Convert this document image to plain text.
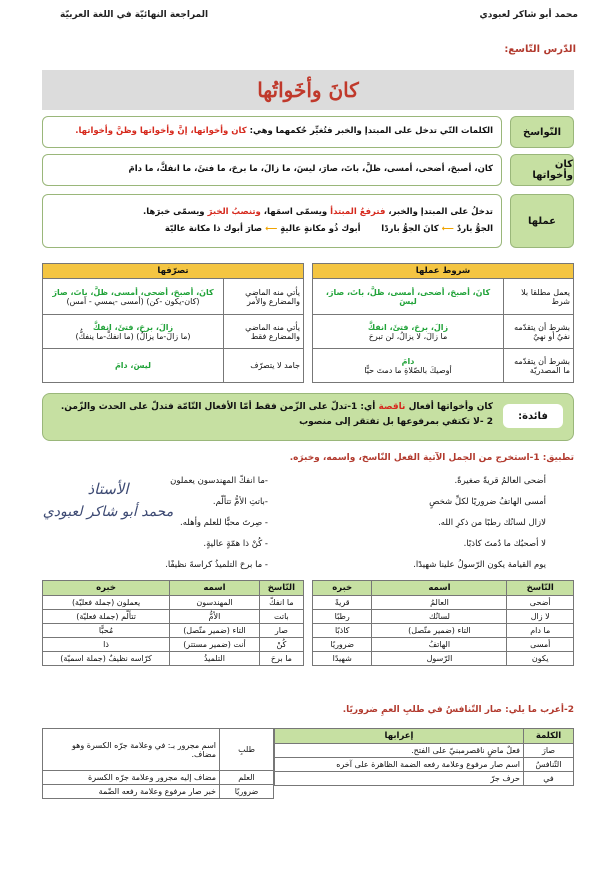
محمد أبو شاكر لعبودي
المراجعة النهائيّة في اللغة العربيّة
الدّرس التّاسع:
كانَ وأخَواتُها
النّواسخ
الكلمات التّي تدخل على المبتدإ والخبر فتُغيِّر حُكمهما وهي: كان وأخواتها، إنَّ وأخواتها وظنَّ وأخواتها.
كان وأخواتها
كان، أصبحَ، أضحى، أمسى، ظلَّ، باتَ، صارَ، ليسَ، ما زالَ، ما برحَ، ما فتئَ، ما انفكَّ، ما دامَ
عملها
تدخلُ على المبتدإ والخبر، فترفعُ المبتدأ ويسمّى اسمَها، وتنصبُ الخبرَ ويسمّى خبرَها.
الجوُّ باردٌ ⟵ كانَ الجوُّ باردًا       أبوك ذُو مكانةٍ عاليةٍ ⟵ صارَ أبوك ذا مكانة عاليّة
شروط عملها	
يعمل مطلقا بلا شرط	كانَ، أصبحَ، أضحى، أمسى، ظلَّ، باتَ، صارَ، ليسَ
بشرط أن يتقدّمه نفيٌ أو نهيٌ	زالَ، برحَ، فتئَ، انفكَّ
ما زالَ، لا يزالُ، لن تبرحَ

بشرط أن يتقدّمه ما المصدريّة	دامَ
أوصيكَ بالصّلاةِ ما دمتَ حيًّا
تصرّفها	
يأتي منه الماضي والمضارع والأمر	كانَ، أصبحَ، أضحى، أمسى، ظلَّ، باتَ، صارَ
(كان-يكون -كن) (أمسى -يمسي - أمس)

يأتي منه الماضي والمضارع فقط	زالَ، برحَ، فتئَ، انفكَّ
(ما زالَ-ما يزالُ) (ما انفكَّ-ما ينفكُّ)

جامد لا يتصرّف	ليسَ، دامَ
فائدة:
كان وأخواتها أفعال ناقصة أي: 1-تدلّ على الزّمن فقط أمّا الأفعال التّامّة فتدلّ على الحدث والزّمن.
2 -لا تكتفي بمرفوعها بل تفتقر إلى منصوب
تطبيق: 1-استخرج من الجمل الآتية الفعل النّاسخ، واسمه، وخبرَه.
أضحى العالمُ قريةً صغيرةً.
أمسى الهاتفُ ضروريًا لكلِّ شخصٍ
لازال لسانُك رطبًا من ذكرِ الله.
لا أصحبُك ما دُمتَ كاذبًا.
يوم القيامة يكون الرّسولُ علينا شهيدًا.
-ما انفكّ المهندسون يعملون
-باتتِ الأمُّ تتألّم.
- صِرتَ محبًّا للعلم وأهله.
- كُنْ ذا همّةٍ عاليةٍ.
- ما برحَ التلميذُ كراسةَ نظيفًا.
الأستاذ
محمد أبو شاكر لعبودي
النّاسخ	اسمه	خبره
أضحى	العالمُ	قريةً
لا زال	لسانُك	رطبًا
ما دام	التاء (ضمير متّصل)	كاذبًا
أمسى	الهاتفُ	ضروريًا
يكون	الرّسول	شهيدًا
النّاسخ	اسمه	خبره
ما انفكّ	المهندسون	يعملون (جملة فعليّة)
باتت	الأمُّ	تتألّم (جملة فعليّة)
صار	التاء (ضمير متّصل)	مُحبًّا
كُنْ	أنت (ضمير مستتر)	ذا
ما برحَ	التلميذُ	كرّاسه نظيفٌ (جملة اسميّة)
2-أعرب ما يلي: صار التّنافسُ في طلبِ العمِ ضروريًا.
الكلمة	إعرابها
صارَ	فعلٌ ماضٍ ناقصرمبنيّ على الفتح.
التّنافسُ	اسم صار مرفوع وعلامة رفعه الضمة الظاهرة على آخره
في	حرف جرّ
طلبِ	اسم مجرور بـ: في وعلامة جرّه الكسرة وهو مضاف.
العلم	مضاف إليه مجرور وعلامة جرّه الكسرة
ضروريًا	خبر صار مرفوع وعلامة رفعه الضّمة
